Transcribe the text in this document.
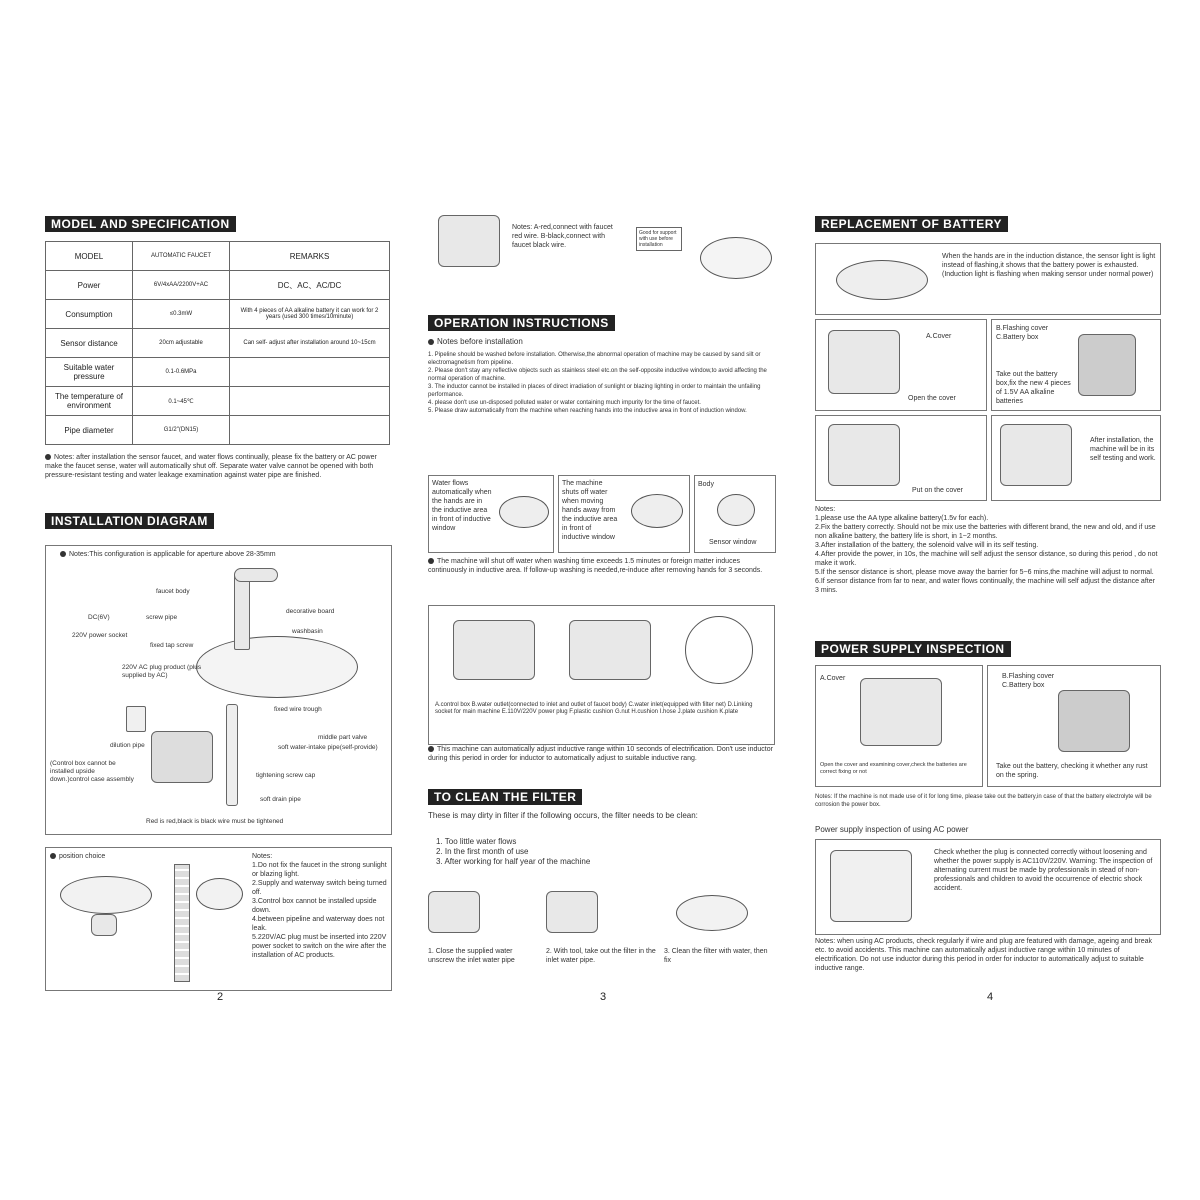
MODEL AND SPECIFICATION
MODEL	AUTOMATIC FAUCET	REMARKS
Power	6V/4xAA/2200V+AC	DC、AC、AC/DC
Consumption	≤0.3mW	With 4 pieces of AA alkaline battery it can work for 2 years (used 300 times/10minute)
Sensor distance	20cm adjustable	Can self- adjust after installation around 10~15cm
Suitable water pressure	0.1-0.6MPa	
The temperature of environment	0.1~45℃	
Pipe diameter	G1/2"(DN15)	
Notes: after installation the sensor faucet, and water flows continually, please fix the battery or AC power make the faucet sense, water will automatically shut off. Separate water valve cannot be opened with both pressure-resistant testing and water leakage examination against water pipe are finished.
INSTALLATION DIAGRAM
Notes:This configuration is applicable for aperture above 28-35mm
faucet body
screw pipe
DC(6V)
decorative board
washbasin
220V power socket
fixed tap screw
220V AC plug product (plus supplied by AC)
fixed wire trough
dilution pipe
middle part valve
soft water-intake pipe(self-provide)
tightening screw cap
(Control box cannot be installed upside down.)control case assembly
soft drain pipe
Red is red,black is black wire must be tightened
position choice	Notes:
1.Do not fix the faucet in the strong sunlight or blazing light.
2.Supply and waterway switch being turned off.
3.Control box cannot be installed upside down.
4.between pipeline and waterway does not leak.
5.220V/AC plug must be inserted into 220V power socket to switch on the wire after the installation of AC products.
2
Notes: A-red,connect with faucet red wire. B-black,connect with faucet black wire.
Good for support with use before installation
OPERATION INSTRUCTIONS
Notes before installation
1. Pipeline should be washed before installation. Otherwise,the abnormal operation of machine may be caused by sand silt or electromagnetism from pipeline.
2. Please don't stay any reflective objects such as stainless steel etc.on the self-opposite inductive window,to avoid affecting the normal operation of machine.
3. The inductor cannot be installed in places of direct irradiation of sunlight or blazing lighting in order to maintain the unfailing performance.
4. please don't use un-disposed polluted water or water containing much impurity for the time of faucet.
5. Please draw automatically from the machine when reaching hands into the inductive area in front of induction window.
Water flows automatically when the hands are in the inductive area in front of inductive window
The machine shuts off water when moving hands away from the inductive area in front of inductive window
Body
Sensor window
The machine will shut off water when washing time exceeds 1.5 minutes or foreign matter induces continuously in inductive area. If follow-up washing is needed,re-induce after removing hands for 3 seconds.
A.control box B.water outlet(connected to inlet and outlet of faucet body) C.water inlet(equipped with filter net) D.Linking socket for main machine E.110V/220V power plug F.plastic cushion G.nut H.cushion I.hose J.plate cushion K.plate
This machine can automatically adjust inductive range within 10 seconds of electrification. Don't use inductor during this period in order for inductor to automatically adjust to suitable inductive rang.
TO CLEAN THE FILTER
These is may dirty in filter if the following occurs, the filter needs to be clean:
1. Too little water flows
2. In the first month of use
3. After working for half year of the machine
1. Close the supplied water unscrew the inlet water pipe
2. With tool, take out the filter in the inlet water pipe.
3. Clean the filter with water, then fix
3
REPLACEMENT OF BATTERY
When the hands are in the induction distance, the sensor light is light instead of flashing,it shows that the battery power is exhausted.(Induction light is flashing when making sensor under normal power)
A.Cover
Open the cover
B.Flashing cover
C.Battery box
Take out the battery box,fix the new 4 pieces of 1.5V AA alkaline batteries
Put on the cover
After installation, the machine will be in its self testing and work.
Notes:
1.please use the AA type alkaline battery(1.5v for each).
2.Fix the battery correctly. Should not be mix use the batteries with different brand, the new and old, and if use non alkaline battery, the battery life is short, in 1~2 months.
3.After installation of the battery, the solenoid valve will in its self testing.
4.After provide the power, in 10s, the machine will self adjust the sensor distance, so during this period , do not make it work.
5.If the sensor distance is short, please move away the barrier for 5~6 mins,the machine will adjust to normal.
6.If sensor distance from far to near, and water flows continually, the machine will self adjust the distance after 3 mins.
POWER SUPPLY INSPECTION
A.Cover
Open the cover and examining cover,check the batteries are correct fixing or not
B.Flashing cover
C.Battery box
Take out the battery, checking it whether any rust on the spring.
Notes: If the machine is not made use of it for long time, please take out the battery,in case of that the battery electrolyte will be corrosion the power box.
Power supply inspection of using AC power
Check whether the plug is connected correctly without loosening and whether the power supply is AC110V/220V. Warning: The inspection of alternating current must be made by professionals in stead of non-professionals and children to avoid the occurrence of electric shock accident.
Notes: when using AC products, check regularly if wire and plug are featured with damage, ageing and break etc. to avoid accidents. This machine can automatically adjust inductive range within 10 minutes of electrification. Do not use inductor during this period in order for inductor to automatically adjust to suitable inductive range.
4
